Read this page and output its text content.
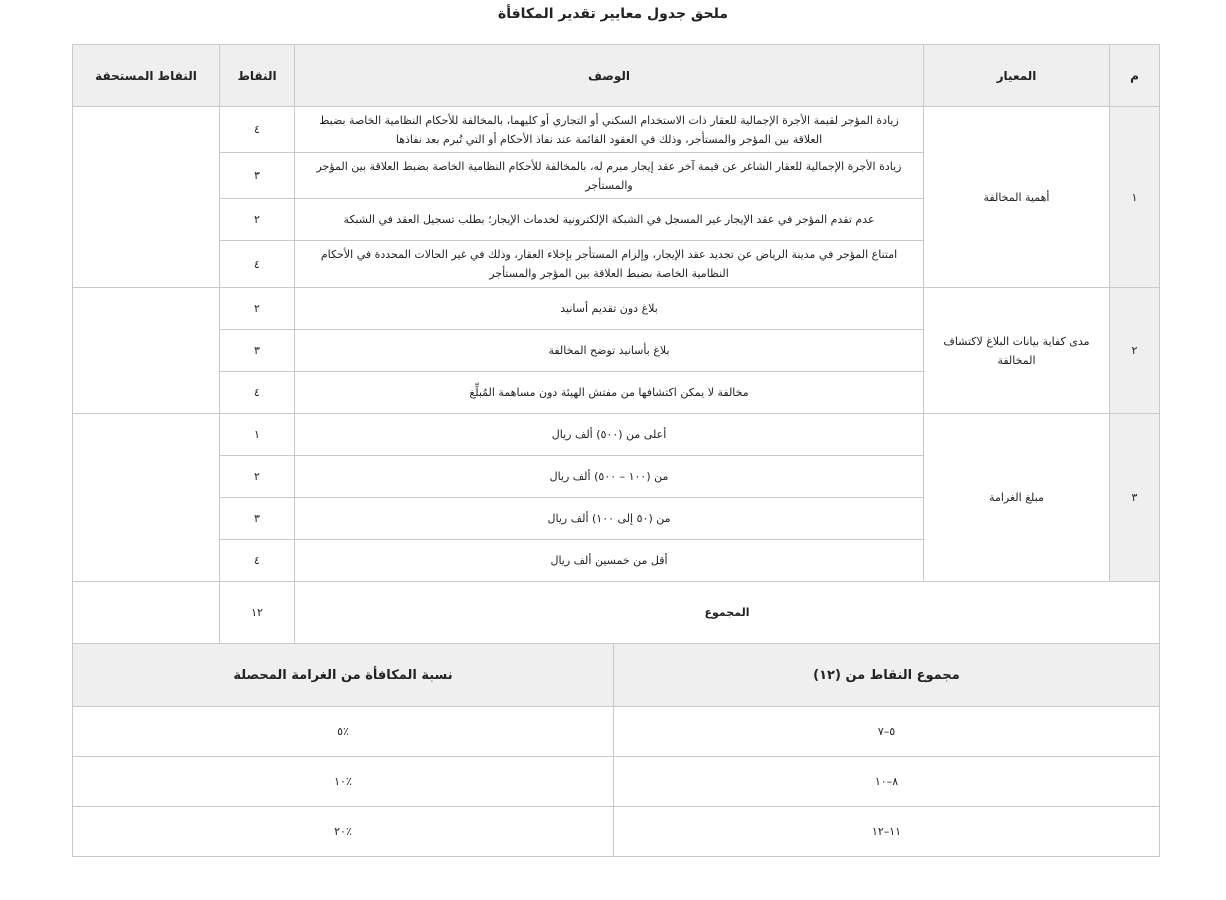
ملحق جدول معايير تقدير المكافأة
م	المعيار	الوصف	النقاط	النقاط المستحقة
١	أهمية المخالفة	زيادة المؤجر لقيمة الأجرة الإجمالية للعقار ذات الاستخدام السكني أو التجاري أو كليهما، بالمخالفة للأحكام النظامية الخاصة بضبط العلاقة بين المؤجر والمستأجر، وذلك في العقود القائمة عند نفاذ الأحكام أو التي تُبرم بعد نفاذها	٤	
		زيادة الأجرة الإجمالية للعقار الشاغر عن قيمة آخر عقد إيجار مبرم له، بالمخالفة للأحكام النظامية الخاصة بضبط العلاقة بين المؤجر والمستأجر	٣	
		عدم تقدم المؤجر في عقد الإيجار غير المسجل في الشبكة الإلكترونية لخدمات الإيجار؛ بطلب تسجيل العقد في الشبكة	٢	
		امتناع المؤجر في مدينة الرياض عن تجديد عقد الإيجار، وإلزام المستأجر بإخلاء العقار، وذلك في غير الحالات المحددة في الأحكام النظامية الخاصة بضبط العلاقة بين المؤجر والمستأجر	٤	
٢	مدى كفاية بيانات البلاغ لاكتشاف المخالفة	بلاغ دون تقديم أسانيد	٢	
		بلاغ بأسانيد توضح المخالفة	٣	
		مخالفة لا يمكن اكتشافها من مفتش الهيئة دون مساهمة المُبلِّغ	٤	
٣	مبلغ الغرامة	أعلى من (٥٠٠) ألف ريال	١	
		من (١٠٠ – ٥٠٠) ألف ريال	٢	
		من (٥٠ إلى ١٠٠) ألف ريال	٣	
		أقل من خمسين ألف ريال	٤	
المجموع			١٢	
مجموع النقاط من (١٢)	نسبة المكافأة من الغرامة المحصلة
٥–٧	٪٥
٨–١٠	٪١٠
١١–١٢	٪٢٠
